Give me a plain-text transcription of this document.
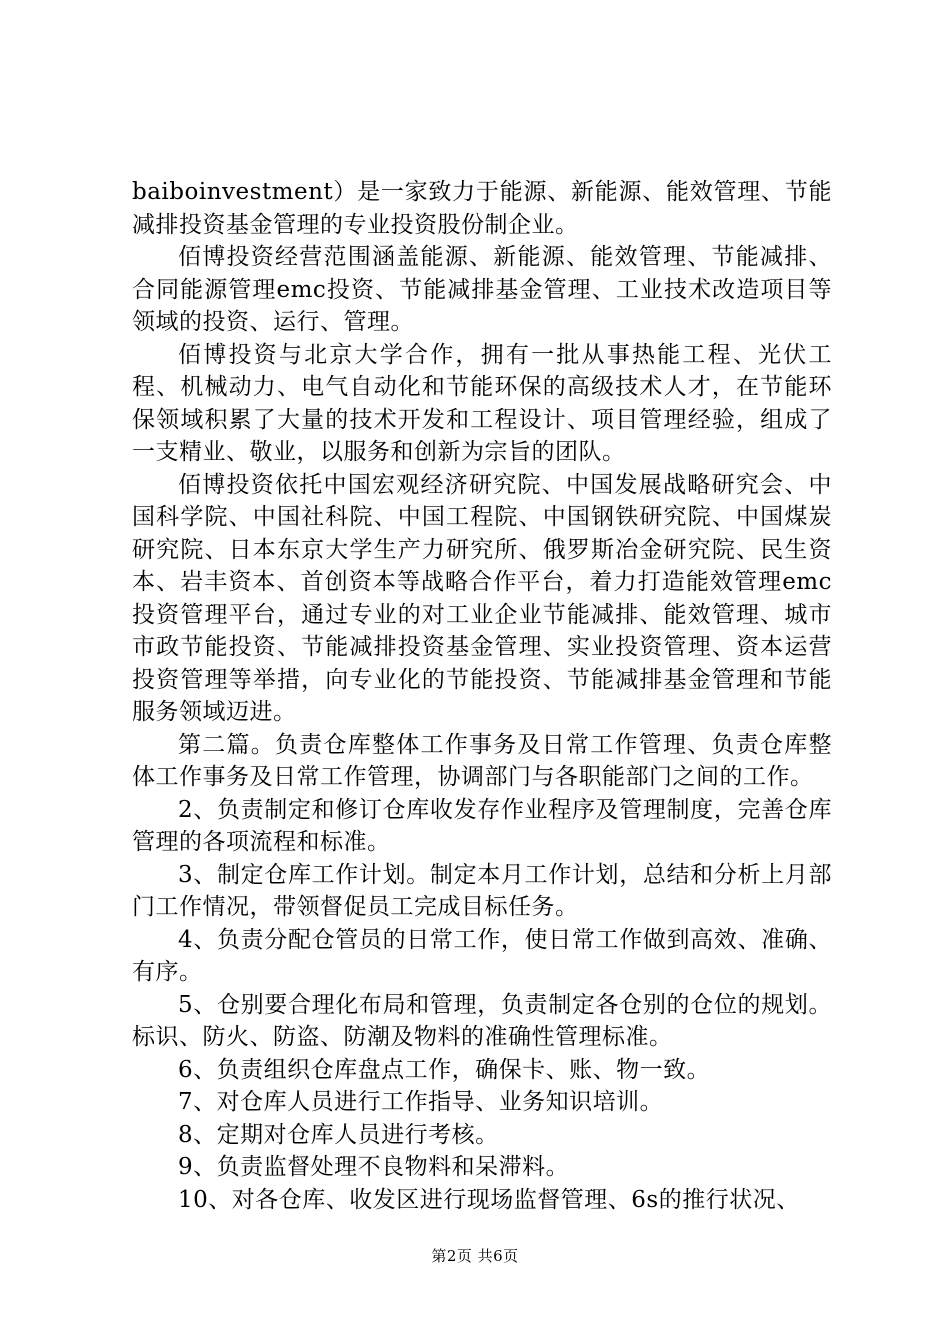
baiboinvestment）是一家致力于能源、新能源、能效管理、节能减排投资基金管理的专业投资股份制企业。

佰博投资经营范围涵盖能源、新能源、能效管理、节能减排、合同能源管理emc投资、节能减排基金管理、工业技术改造项目等领域的投资、运行、管理。

佰博投资与北京大学合作，拥有一批从事热能工程、光伏工程、机械动力、电气自动化和节能环保的高级技术人才，在节能环保领域积累了大量的技术开发和工程设计、项目管理经验，组成了一支精业、敬业，以服务和创新为宗旨的团队。

佰博投资依托中国宏观经济研究院、中国发展战略研究会、中国科学院、中国社科院、中国工程院、中国钢铁研究院、中国煤炭研究院、日本东京大学生产力研究所、俄罗斯冶金研究院、民生资本、岩丰资本、首创资本等战略合作平台，着力打造能效管理emc投资管理平台，通过专业的对工业企业节能减排、能效管理、城市市政节能投资、节能减排投资基金管理、实业投资管理、资本运营投资管理等举措，向专业化的节能投资、节能减排基金管理和节能服务领域迈进。

第二篇。负责仓库整体工作事务及日常工作管理、负责仓库整体工作事务及日常工作管理，协调部门与各职能部门之间的工作。

2、负责制定和修订仓库收发存作业程序及管理制度，完善仓库管理的各项流程和标准。

3、制定仓库工作计划。制定本月工作计划，总结和分析上月部门工作情况，带领督促员工完成目标任务。

4、负责分配仓管员的日常工作，使日常工作做到高效、准确、有序。

5、仓别要合理化布局和管理，负责制定各仓别的仓位的规划。标识、防火、防盗、防潮及物料的准确性管理标准。

6、负责组织仓库盘点工作，确保卡、账、物一致。

7、对仓库人员进行工作指导、业务知识培训。

8、定期对仓库人员进行考核。

9、负责监督处理不良物料和呆滞料。

10、对各仓库、收发区进行现场监督管理、6s的推行状况、

第2页 共6页
